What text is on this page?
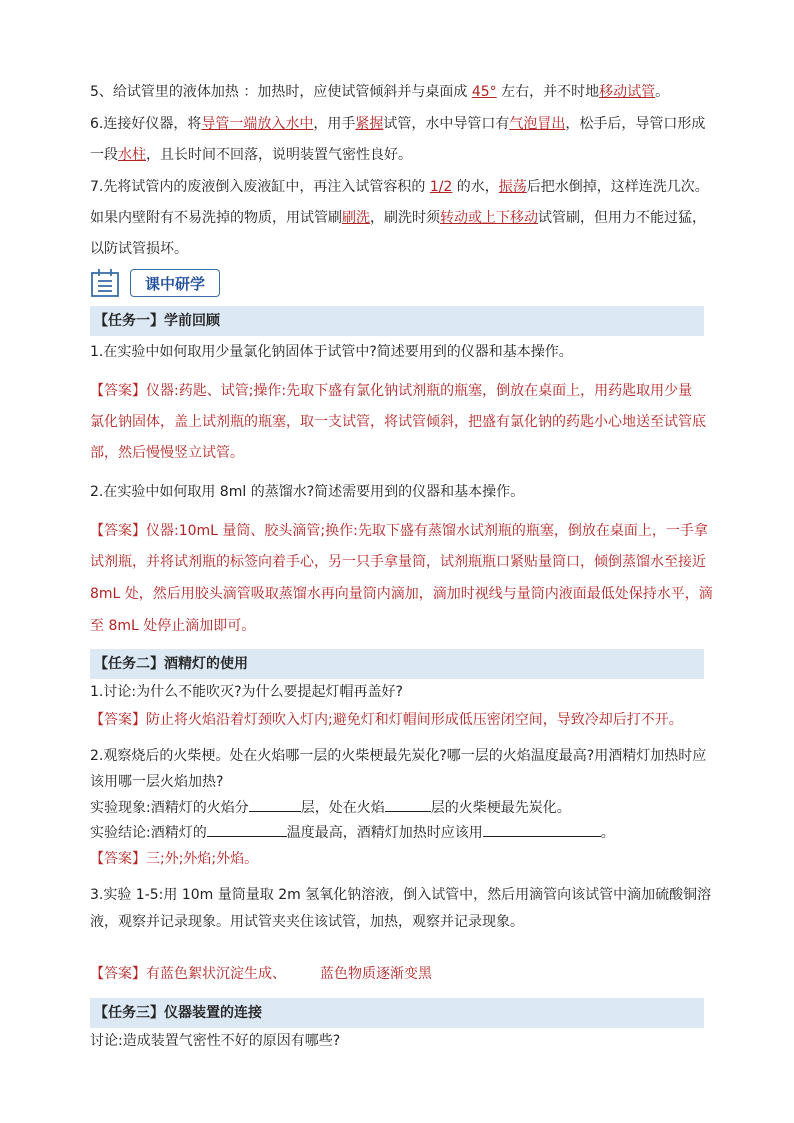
5、给试管里的液体加热 ：加热时，应使试管倾斜并与桌面成 45° 左右，并不时地移动试管。
6.连接好仪器，将导管一端放入水中，用手紧握试管，水中导管口有气泡冒出，松手后，导管口形成
一段水柱，且长时间不回落，说明装置气密性良好。
7.先将试管内的废液倒入废液缸中，再注入试管容积的 1/2 的水，振荡后把水倒掉，这样连洗几次。
如果内壁附有不易洗掉的物质，用试管刷刷洗，刷洗时须转动或上下移动试管刷，但用力不能过猛，
以防试管损坏。
课中研学
【任务一】学前回顾
1.在实验中如何取用少量氯化钠固体于试管中?简述要用到的仪器和基本操作。
【答案】仪器:药匙、试管;操作:先取下盛有氯化钠试剂瓶的瓶塞，倒放在桌面上，用药匙取用少量
氯化钠固体，盖上试剂瓶的瓶塞，取一支试管，将试管倾斜，把盛有氯化钠的药匙小心地送至试管底
部，然后慢慢竖立试管。
2.在实验中如何取用 8ml 的蒸馏水?简述需要用到的仪器和基本操作。
【答案】仪器:10mL 量筒、胶头滴管;换作:先取下盛有蒸馏水试剂瓶的瓶塞，倒放在桌面上，一手拿
试剂瓶，并将试剂瓶的标签向着手心，另一只手拿量筒，试剂瓶瓶口紧贴量筒口，倾倒蒸馏水至接近
8mL 处，然后用胶头滴管吸取蒸馏水再向量筒内滴加，滴加时视线与量筒内液面最低处保持水平，滴
至 8mL 处停止滴加即可。
【任务二】酒精灯的使用
1.讨论:为什么不能吹灭?为什么要提起灯帽再盖好?
【答案】防止将火焰沿着灯颈吹入灯内;避免灯和灯帽间形成低压密闭空间，导致冷却后打不开。
2.观察烧后的火柴梗。处在火焰哪一层的火柴梗最先炭化?哪一层的火焰温度最高?用酒精灯加热时应
该用哪一层火焰加热?
实验现象:酒精灯的火焰分	层，处在火焰	层的火柴梗最先炭化。
实验结论:酒精灯的	温度最高，酒精灯加热时应该用	。
【答案】三;外;外焰;外焰。
3.实验 1-5:用 10m 量筒量取 2m 氢氧化钠溶液，倒入试管中，然后用滴管向该试管中滴加硫酸铜溶
液，观察并记录现象。用试管夹夹住该试管，加热，观察并记录现象。
【答案】有蓝色絮状沉淀生成、 蓝色物质逐渐变黑
【任务三】仪器装置的连接
讨论:造成装置气密性不好的原因有哪些?
